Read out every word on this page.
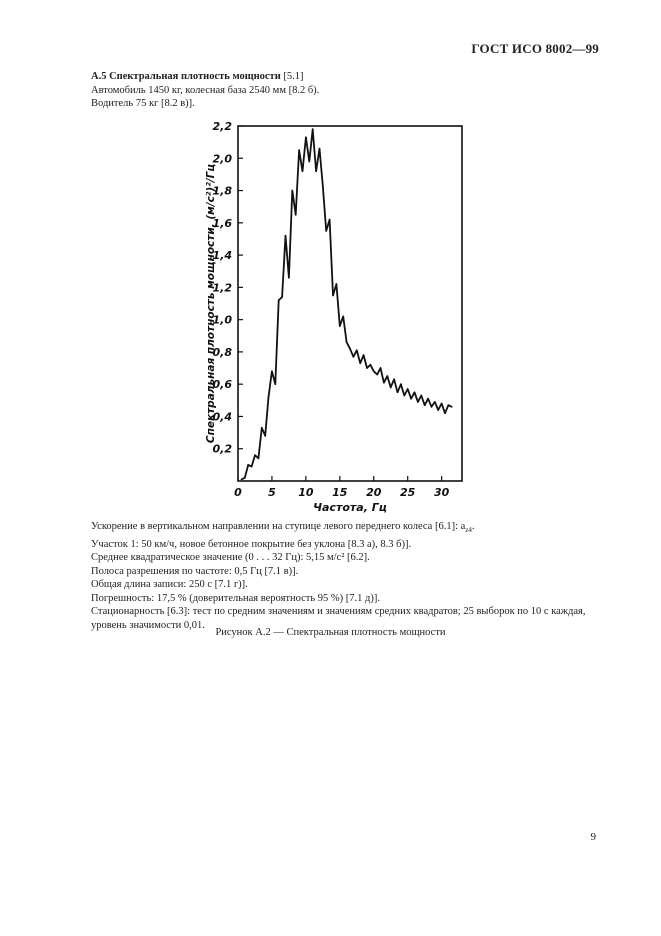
ГОСТ ИСО 8002—99
А.5 Спектральная плотность мощности [5.1]
Автомобиль 1450 кг, колесная база 2540 мм [8.2 б).
Водитель 75 кг [8.2 в)].
0,2
0,4
0,6
0,8
1,0
1,2
1,4
1,6
1,8
2,0
2,2
0 5 10 15 20 25 30
Частота, Гц
Спектральная плотность мощности, (м/с²)²/Гц
Ускорение в вертикальном направлении на ступице левого переднего колеса [6.1]: $a_{z4}$.
Участок 1: 50 км/ч, новое бетонное покрытие без уклона [8.3 а), 8.3 б)].
Среднее квадратическое значение (0 . . . 32 Гц): 5,15 м/с² [6.2].
Полоса разрешения по частоте: 0,5 Гц [7.1 в)].
Общая длина записи: 250 с [7.1 г)].
Погрешность: 17,5 % (доверительная вероятность 95 %) [7.1 д)].
Стационарность [6.3]: тест по средним значениям и значениям средних квадратов; 25 выборок по 10 с каждая, уровень значимости 0,01.
Рисунок А.2 — Спектральная плотность мощности
9
